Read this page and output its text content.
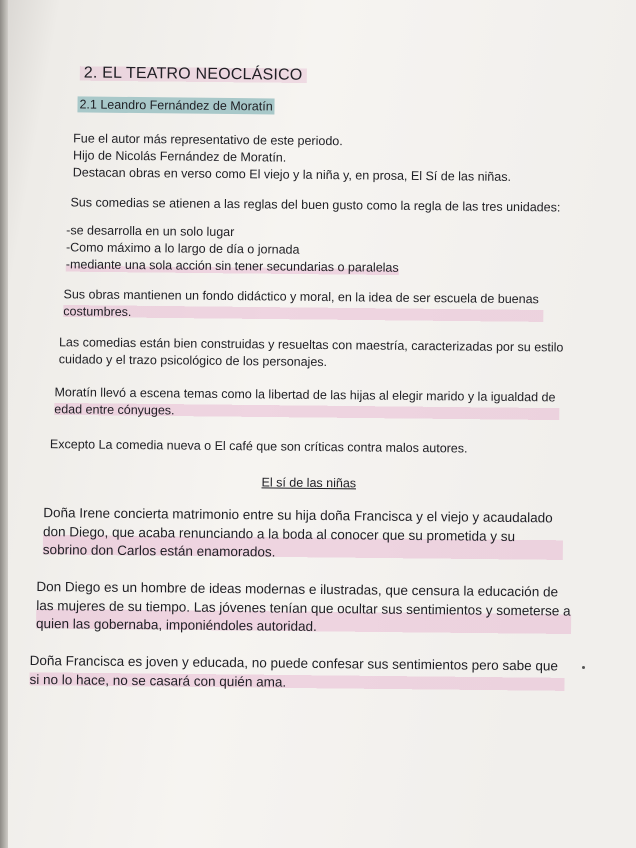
2. EL TEATRO NEOCLÁSICO
2.1 Leandro Fernández de Moratín
Fue el autor más representativo de este periodo.
Hijo de Nicolás Fernández de Moratín.
Destacan obras en verso como El viejo y la niña y, en prosa, El Sí de las niñas.
Sus comedias se atienen a las reglas del buen gusto como la regla de las tres unidades:
-se desarrolla en un solo lugar
-Como máximo a lo largo de día o jornada
-mediante una sola acción sin tener secundarias o paralelas
Sus obras mantienen un fondo didáctico y moral, en la idea de ser escuela de buenas costumbres.
Las comedias están bien construidas y resueltas con maestría, caracterizadas por su estilo cuidado y el trazo psicológico de los personajes.
Moratín llevó a escena temas como la libertad de las hijas al elegir marido y la igualdad de edad entre cónyuges.
Excepto La comedia nueva o El café que son críticas contra malos autores.
El sí de las niñas
Doña Irene concierta matrimonio entre su hija doña Francisca y el viejo y acaudalado don Diego, que acaba renunciando a la boda al conocer que su prometida y su sobrino don Carlos están enamorados.
Don Diego es un hombre de ideas modernas e ilustradas, que censura la educación de las mujeres de su tiempo. Las jóvenes tenían que ocultar sus sentimientos y someterse a quien las gobernaba, imponiéndoles autoridad.
Doña Francisca es joven y educada, no puede confesar sus sentimientos pero sabe que si no lo hace, no se casará con quién ama.
